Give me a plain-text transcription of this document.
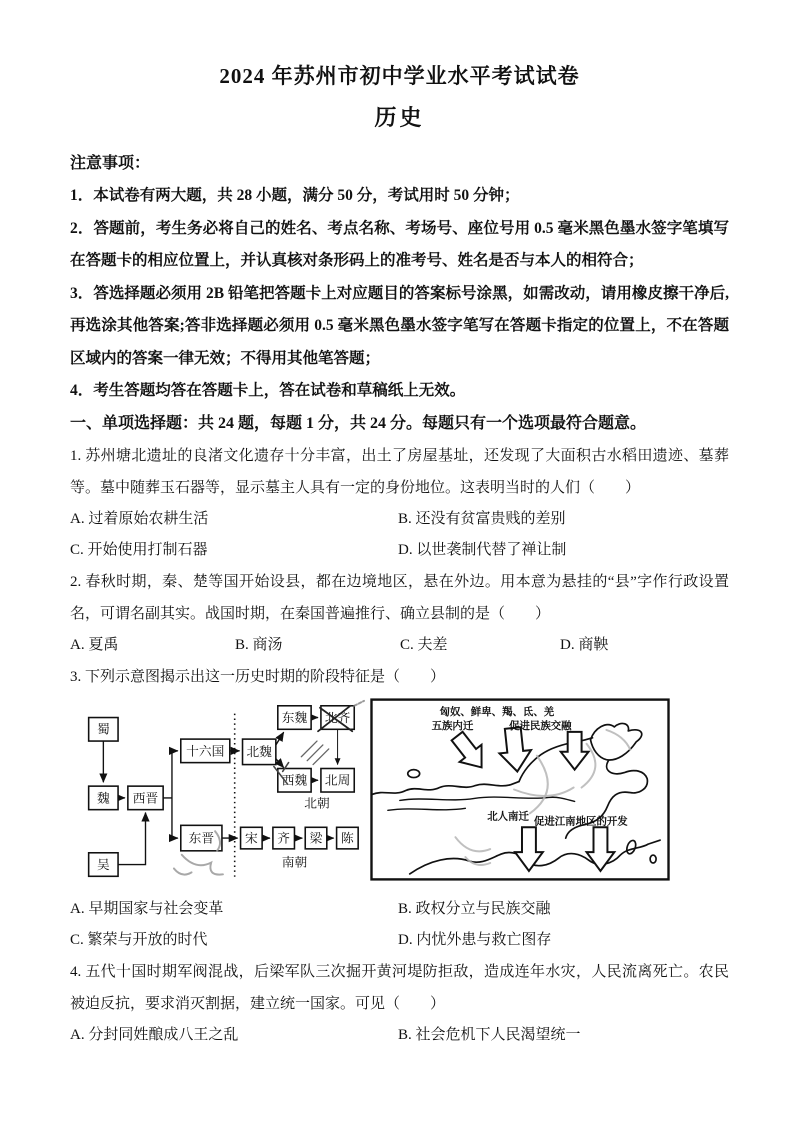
2024 年苏州市初中学业水平考试试卷
历史

注意事项：

1．本试卷有两大题，共 28 小题，满分 50 分，考试用时 50 分钟；

2．答题前，考生务必将自己的姓名、考点名称、考场号、座位号用 0.5 毫米黑色墨水签字笔填写在答题卡的相应位置上，并认真核对条形码上的准考号、姓名是否与本人的相符合；

3．答选择题必须用 2B 铅笔把答题卡上对应题目的答案标号涂黑，如需改动，请用橡皮擦干净后,再选涂其他答案;答非选择题必须用 0.5 毫米黑色墨水签字笔写在答题卡指定的位置上，不在答题区域内的答案一律无效；不得用其他笔答题；

4．考生答题均答在答题卡上，答在试卷和草稿纸上无效。

一、单项选择题：共 24 题，每题 1 分，共 24 分。每题只有一个选项最符合题意。

1. 苏州塘北遗址的良渚文化遗存十分丰富，出土了房屋基址，还发现了大面积古水稻田遗迹、墓葬等。墓中随葬玉石器等，显示墓主人具有一定的身份地位。这表明当时的人们（　　）

A. 过着原始农耕生活	B. 还没有贫富贵贱的差别
C. 开始使用打制石器	D. 以世袭制代替了禅让制

2. 春秋时期，秦、楚等国开始设县，都在边境地区，悬在外边。用本意为悬挂的“县”字作行政设置名，可谓名副其实。战国时期，在秦国普遍推行、确立县制的是（　　）

A. 夏禹	B. 商汤	C. 夫差	D. 商鞅

3. 下列示意图揭示出这一历史时期的阶段特征是（　　）

蜀
魏
吴
西晋
十六国
东晋
北魏
东魏 北齐
西魏 北周
宋 齐 梁 陈
北朝
南朝
匈奴、鲜卑、羯、氐、羌
五族内迁	促进民族交融
北人南迁 促进江南地区的开发
A. 早期国家与社会变革	B. 政权分立与民族交融
C. 繁荣与开放的时代	D. 内忧外患与救亡图存

4. 五代十国时期军阀混战，后梁军队三次掘开黄河堤防拒敌，造成连年水灾，人民流离死亡。农民被迫反抗，要求消灭割据，建立统一国家。可见（　　）

A. 分封同姓酿成八王之乱	B. 社会危机下人民渴望统一
